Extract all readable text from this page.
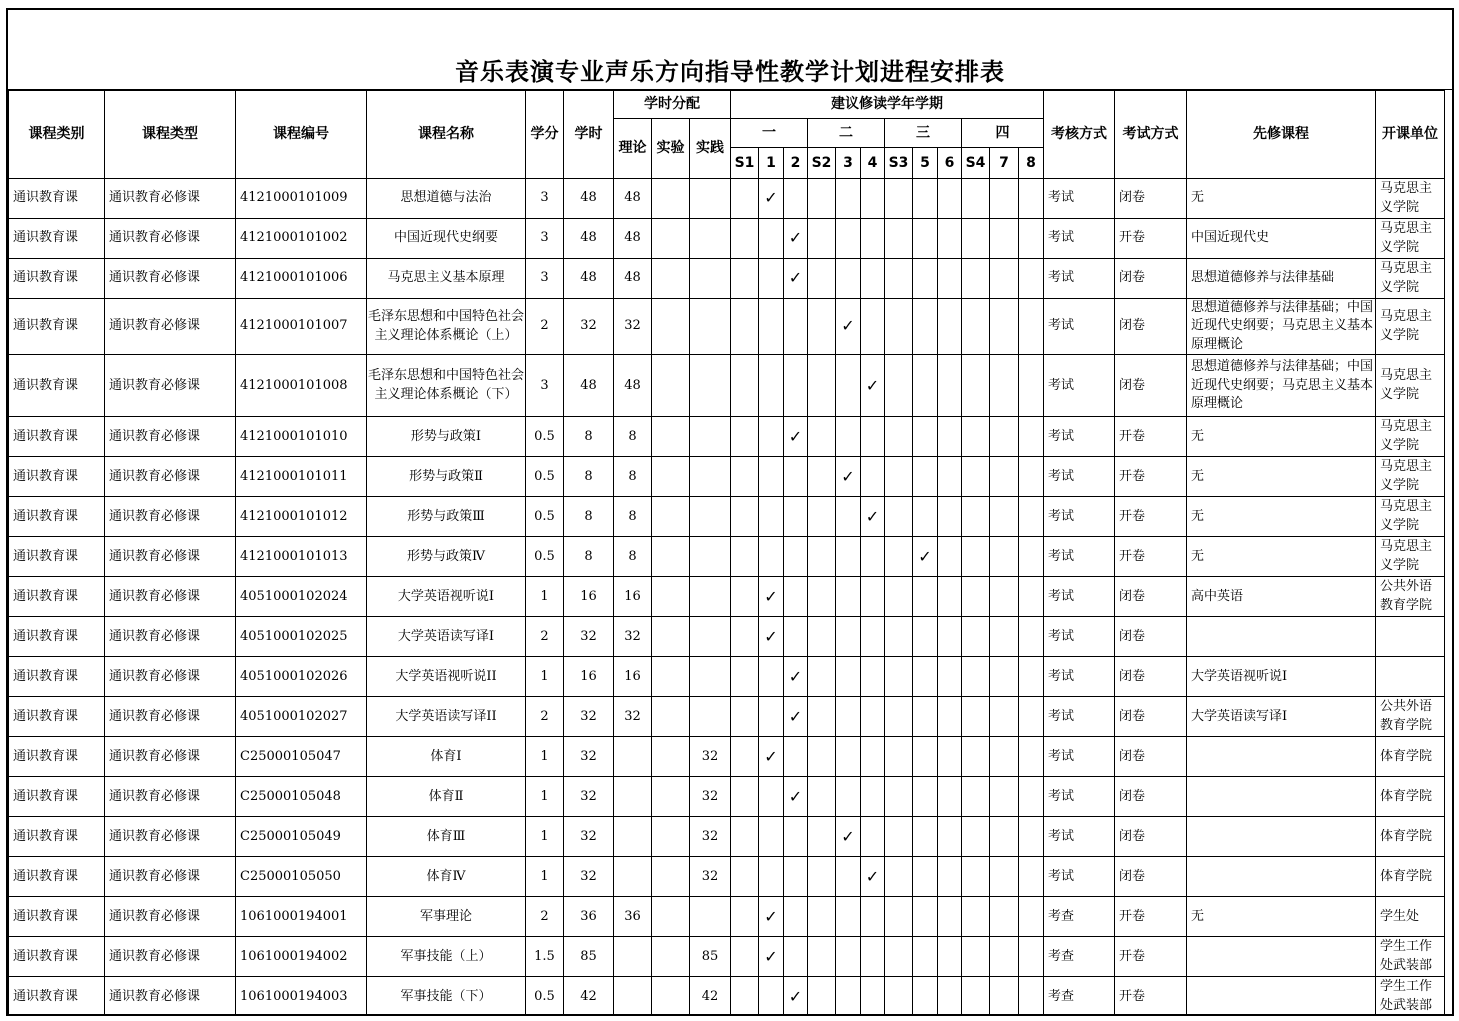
音乐表演专业声乐方向指导性教学计划进程安排表
课程类别	课程类型	课程编号	课程名称	学分	学时	学时分配			建议修读学年学期												考核方式	考试方式	先修课程	开课单位
						理论	实验	实践	一			二			三			四						
									S1	1	2	S2	3	4	S3	5	6	S4	7	8				
通识教育课	通识教育必修课	4121000101009	思想道德与法治	3	48	48				✓											考试	闭卷	无	马克思主义学院
通识教育课	通识教育必修课	4121000101002	中国近现代史纲要	3	48	48					✓										考试	开卷	中国近现代史	马克思主义学院
通识教育课	通识教育必修课	4121000101006	马克思主义基本原理	3	48	48					✓										考试	闭卷	思想道德修养与法律基础	马克思主义学院
通识教育课	通识教育必修课	4121000101007	毛泽东思想和中国特色社会主义理论体系概论（上）	2	32	32							✓								考试	闭卷	思想道德修养与法律基础；中国近现代史纲要；马克思主义基本原理概论	马克思主义学院
通识教育课	通识教育必修课	4121000101008	毛泽东思想和中国特色社会主义理论体系概论（下）	3	48	48								✓							考试	闭卷	思想道德修养与法律基础；中国近现代史纲要；马克思主义基本原理概论	马克思主义学院
通识教育课	通识教育必修课	4121000101010	形势与政策Ⅰ	0.5	8	8					✓										考试	开卷	无	马克思主义学院
通识教育课	通识教育必修课	4121000101011	形势与政策Ⅱ	0.5	8	8							✓								考试	开卷	无	马克思主义学院
通识教育课	通识教育必修课	4121000101012	形势与政策Ⅲ	0.5	8	8								✓							考试	开卷	无	马克思主义学院
通识教育课	通识教育必修课	4121000101013	形势与政策Ⅳ	0.5	8	8										✓					考试	开卷	无	马克思主义学院
通识教育课	通识教育必修课	4051000102024	大学英语视听说I	1	16	16				✓											考试	闭卷	高中英语	公共外语教育学院
通识教育课	通识教育必修课	4051000102025	大学英语读写译I	2	32	32				✓											考试	闭卷		
通识教育课	通识教育必修课	4051000102026	大学英语视听说II	1	16	16					✓										考试	闭卷	大学英语视听说I	
通识教育课	通识教育必修课	4051000102027	大学英语读写译II	2	32	32					✓										考试	闭卷	大学英语读写译I	公共外语教育学院
通识教育课	通识教育必修课	C25000105047	体育Ⅰ	1	32			32		✓											考试	闭卷		体育学院
通识教育课	通识教育必修课	C25000105048	体育Ⅱ	1	32			32			✓										考试	闭卷		体育学院
通识教育课	通识教育必修课	C25000105049	体育Ⅲ	1	32			32					✓								考试	闭卷		体育学院
通识教育课	通识教育必修课	C25000105050	体育Ⅳ	1	32			32						✓							考试	闭卷		体育学院
通识教育课	通识教育必修课	1061000194001	军事理论	2	36	36				✓											考查	开卷	无	学生处
通识教育课	通识教育必修课	1061000194002	军事技能（上）	1.5	85			85		✓											考查	开卷		学生工作处武装部
通识教育课	通识教育必修课	1061000194003	军事技能（下）	0.5	42			42			✓										考查	开卷		学生工作处武装部
